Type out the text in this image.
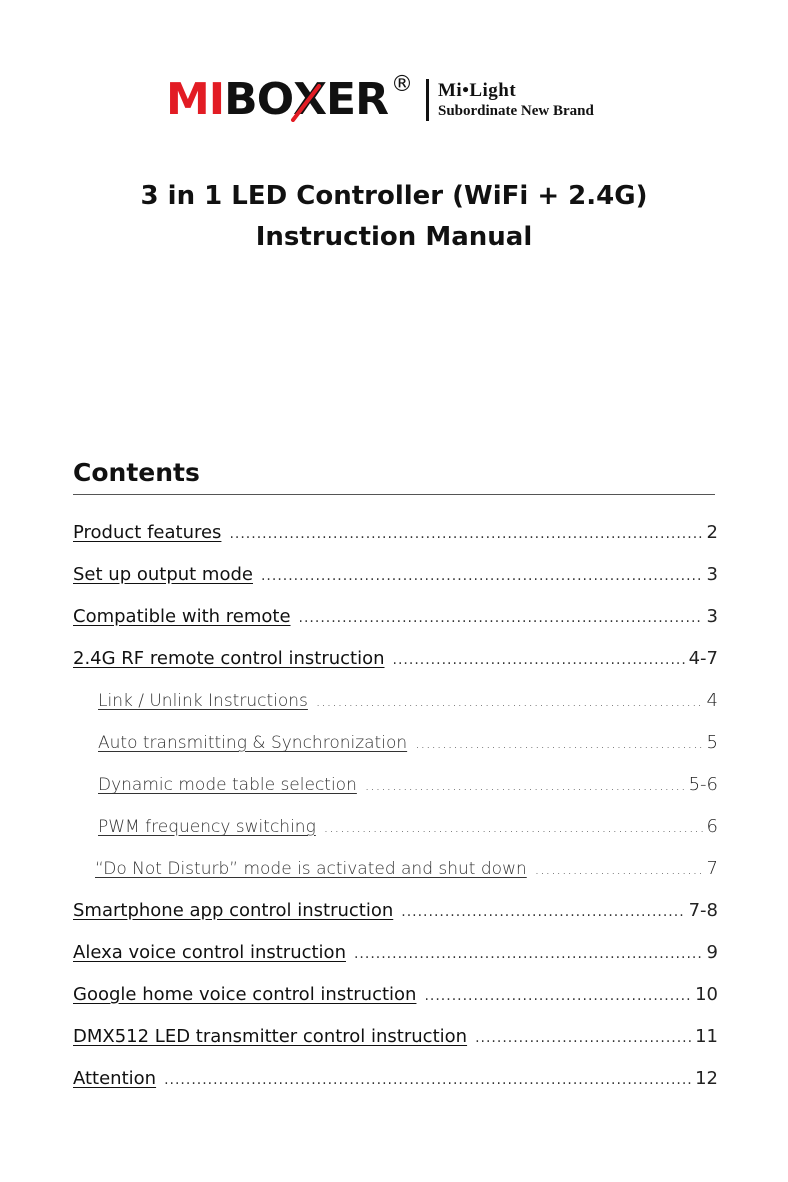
MI BO X ER ® Mi•Light
Subordinate New Brand
3 in 1 LED Controller (WiFi + 2.4G)
Instruction Manual
Contents
Product features .....	2
Set up output mode .....	3
Compatible with remote .....	3
2.4G RF remote control instruction .....	4-7
Link / Unlink Instructions .....	4
Auto transmitting & Synchronization .....	5
Dynamic mode table selection .....	5-6
PWM frequency switching .....	6
“Do Not Disturb” mode is activated and shut down .....	7
Smartphone app control instruction .....	7-8
Alexa voice control instruction .....	9
Google home voice control instruction .....	10
DMX512 LED transmitter control instruction .....	11
Attention .....	12
